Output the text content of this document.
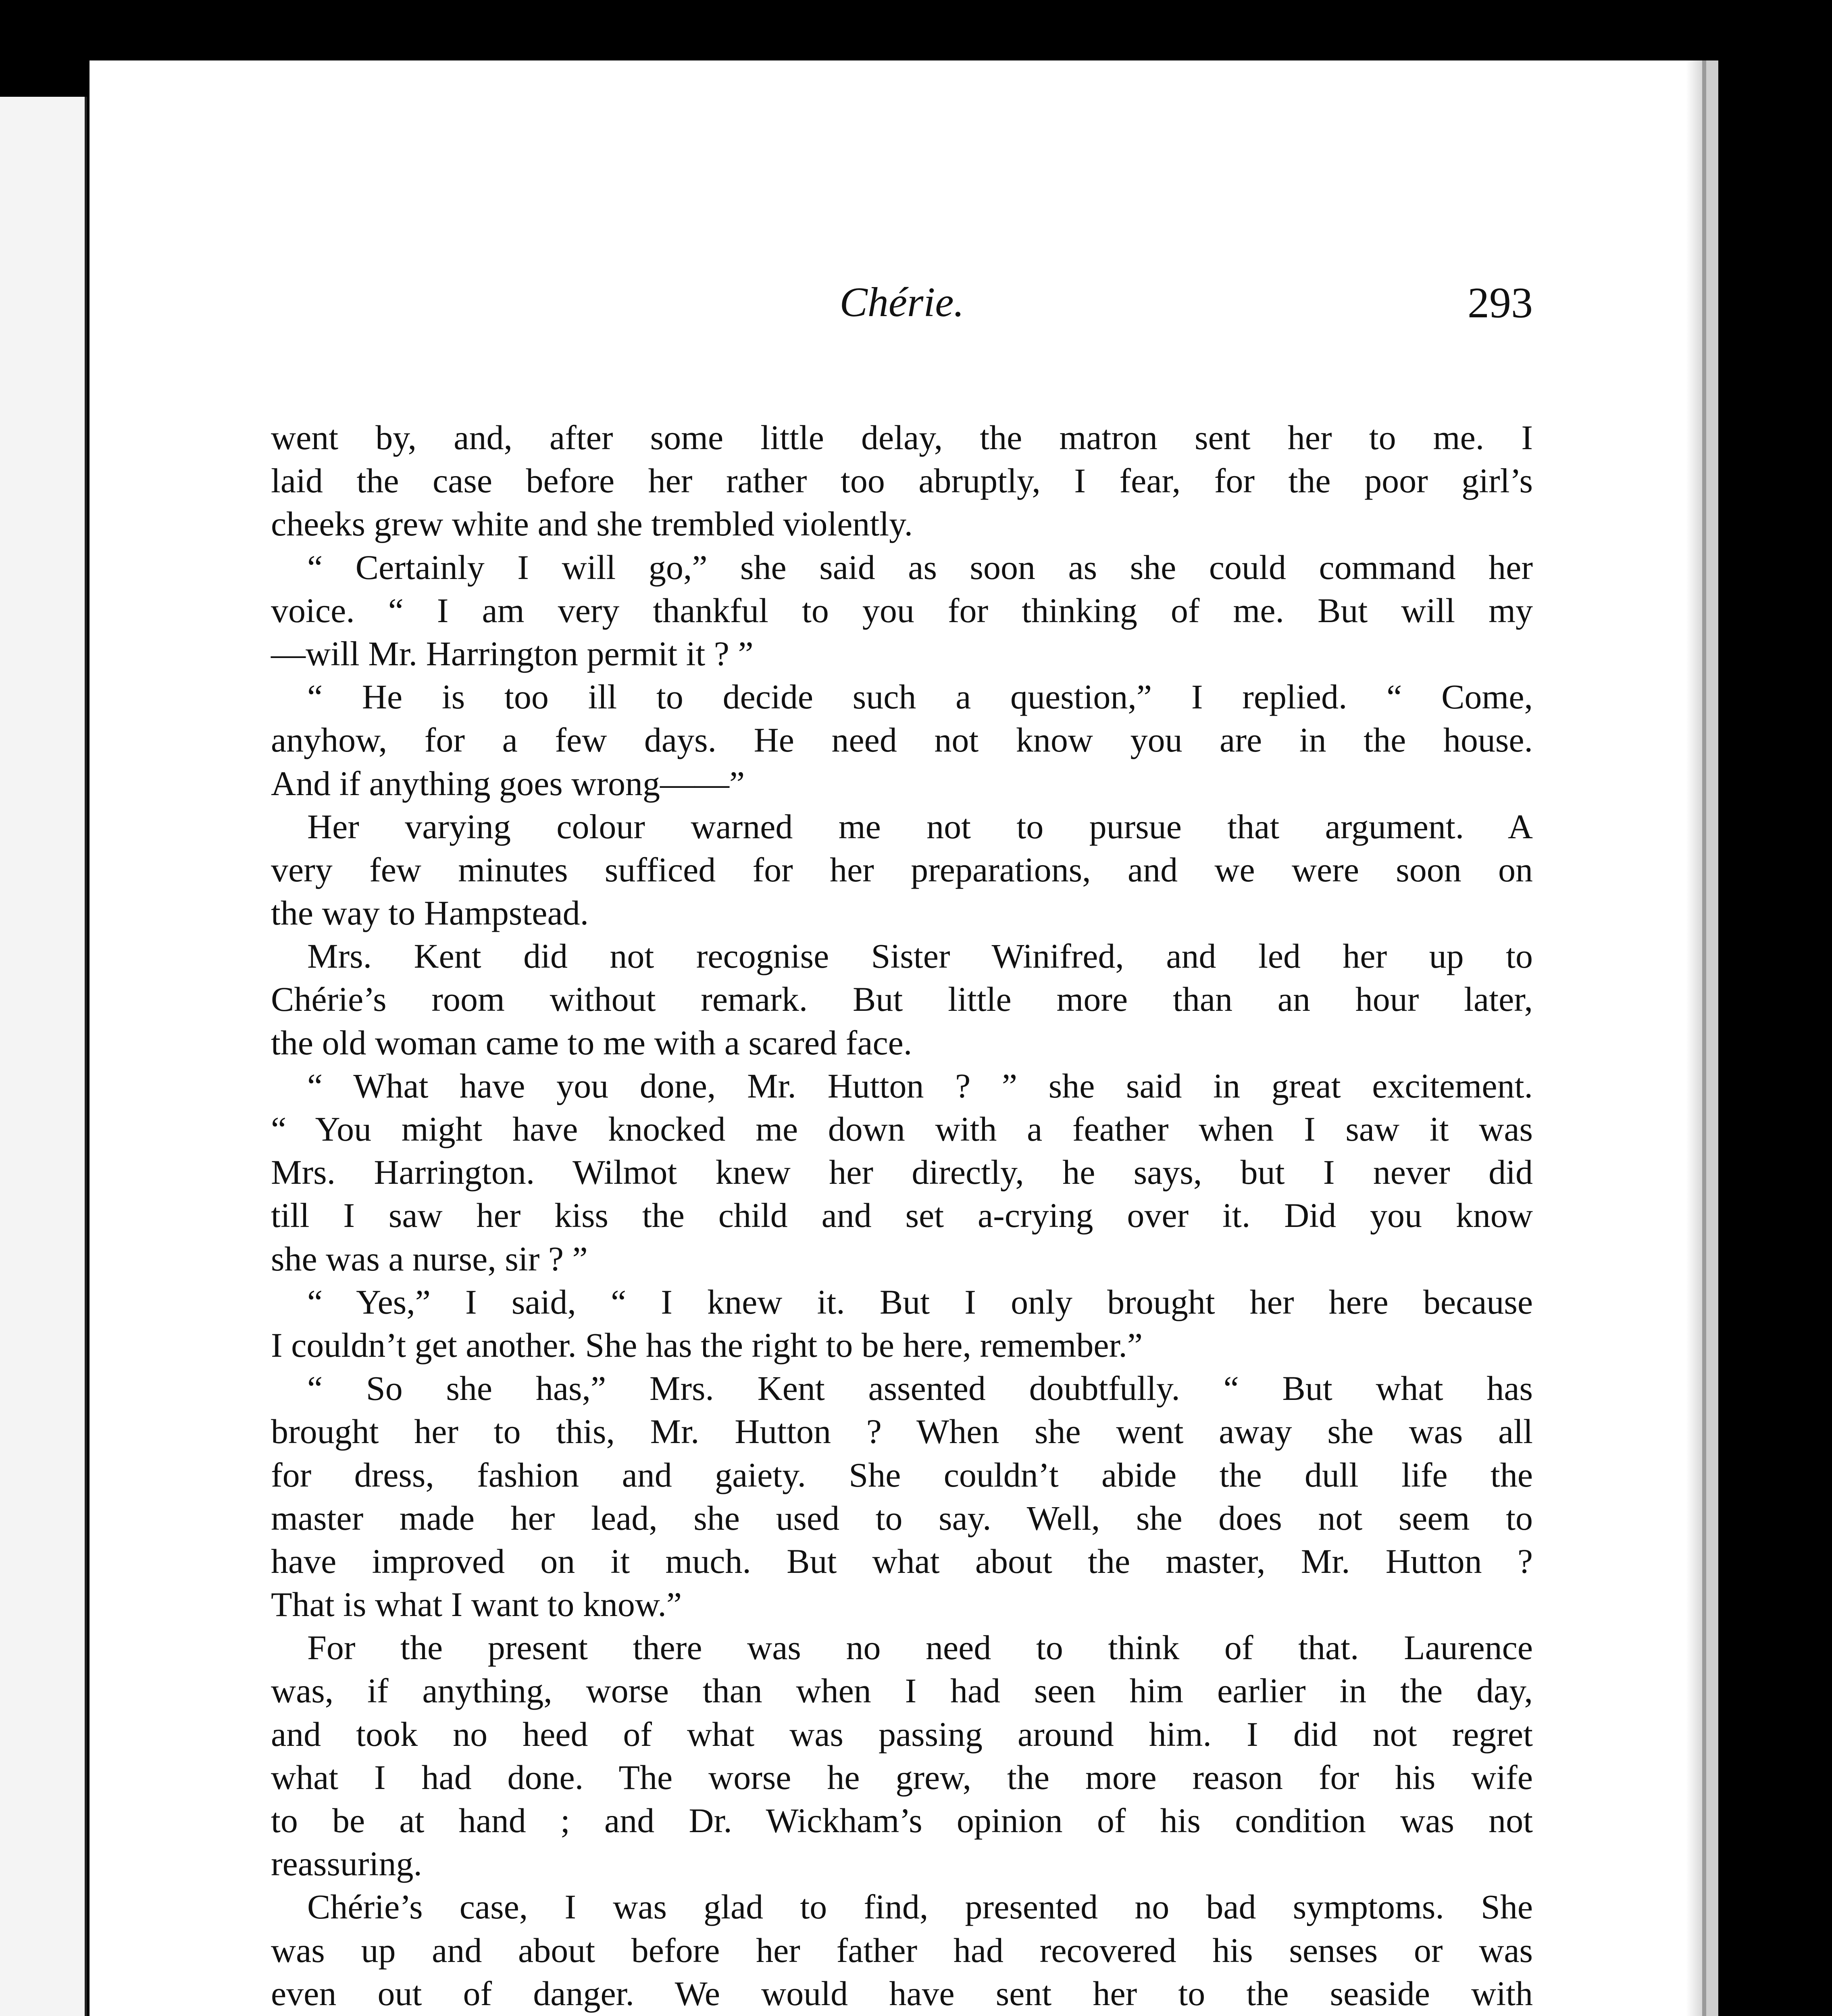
Chérie.	293
went by, and, after some little delay, the matron sent her to me. I
laid the case before her rather too abruptly, I fear, for the poor girl’s
cheeks grew white and she trembled violently.
“ Certainly I will go,” she said as soon as she could command her
voice. “ I am very thankful to you for thinking of me. But will my
—will Mr. Harrington permit it ? ”
“ He is too ill to decide such a question,” I replied. “ Come,
anyhow, for a few days. He need not know you are in the house.
And if anything goes wrong——”
Her varying colour warned me not to pursue that argument. A
very few minutes sufficed for her preparations, and we were soon on
the way to Hampstead.
Mrs. Kent did not recognise Sister Winifred, and led her up to
Chérie’s room without remark. But little more than an hour later,
the old woman came to me with a scared face.
“ What have you done, Mr. Hutton ? ” she said in great excitement.
“ You might have knocked me down with a feather when I saw it was
Mrs. Harrington. Wilmot knew her directly, he says, but I never did
till I saw her kiss the child and set a-crying over it. Did you know
she was a nurse, sir ? ”
“ Yes,” I said, “ I knew it. But I only brought her here because
I couldn’t get another. She has the right to be here, remember.”
“ So she has,” Mrs. Kent assented doubtfully. “ But what has
brought her to this, Mr. Hutton ? When she went away she was all
for dress, fashion and gaiety. She couldn’t abide the dull life the
master made her lead, she used to say. Well, she does not seem to
have improved on it much. But what about the master, Mr. Hutton ?
That is what I want to know.”
For the present there was no need to think of that. Laurence
was, if anything, worse than when I had seen him earlier in the day,
and took no heed of what was passing around him. I did not regret
what I had done. The worse he grew, the more reason for his wife
to be at hand ; and Dr. Wickham’s opinion of his condition was not
reassuring.
Chérie’s case, I was glad to find, presented no bad symptoms. She
was up and about before her father had recovered his senses or was
even out of danger. We would have sent her to the seaside with
